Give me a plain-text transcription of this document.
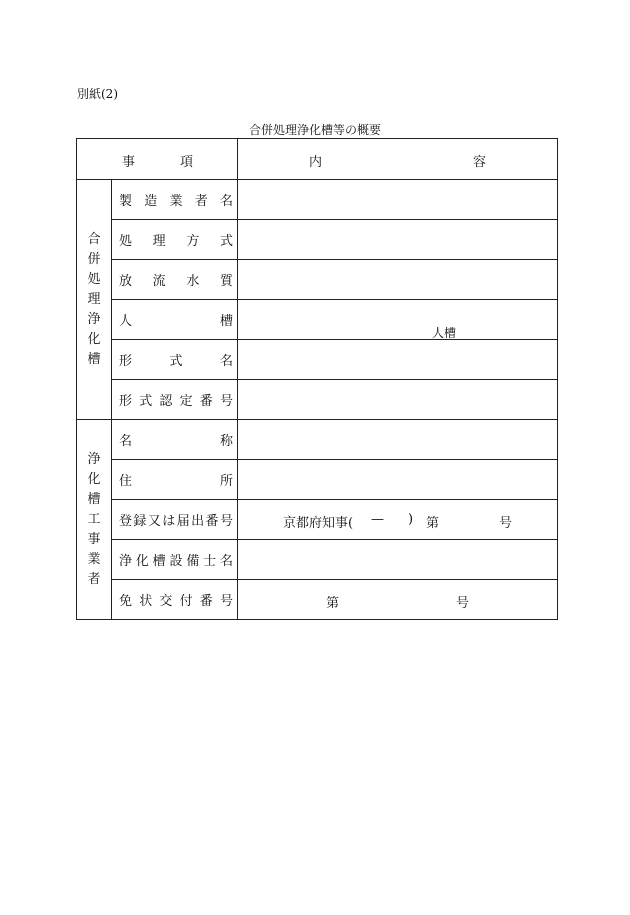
別紙(2)
合併処理浄化槽等の概要
事 項		内 容

合併処理浄化槽	製造業者名	

	処理方式	

	放流水質	

	人　　　　槽	人槽

	形　式　名	

	形式認定番号	

浄化槽工事業者	名　　　　称	

	住　　　　所	

	登録又は届出番号	京都府知事( — ) 第 号

	浄化槽設備士名	

	免状交付番号	第 号
